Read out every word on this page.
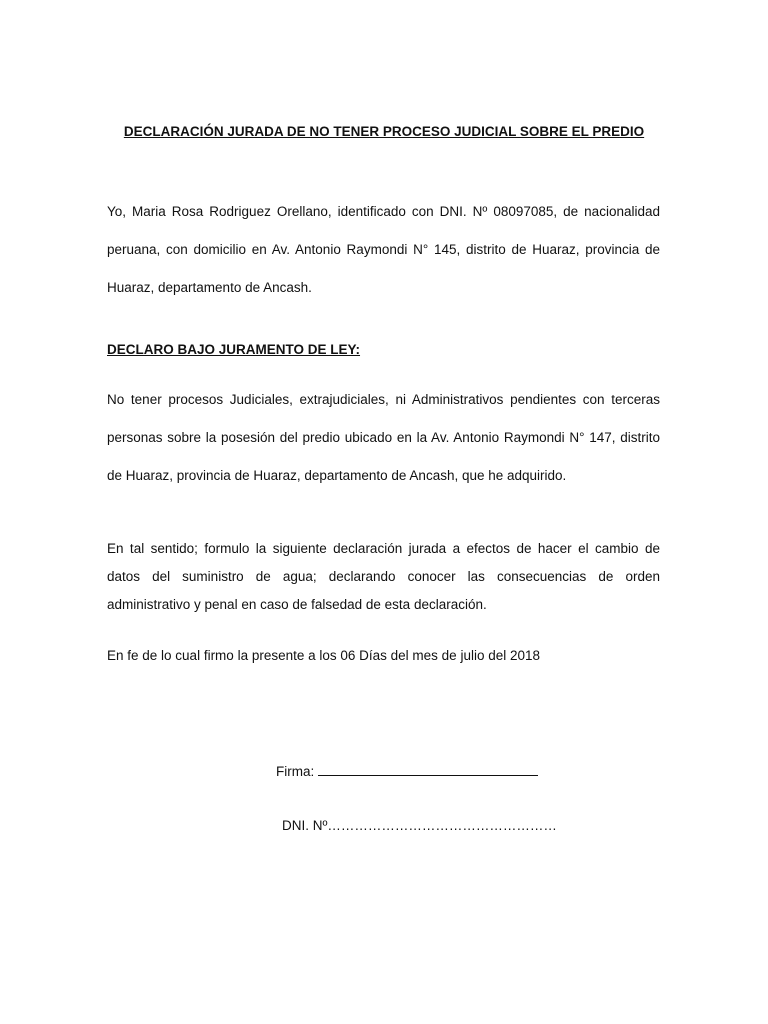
DECLARACIÓN JURADA DE NO TENER PROCESO JUDICIAL SOBRE EL PREDIO

Yo, Maria Rosa Rodriguez Orellano, identificado con DNI. Nº 08097085, de nacionalidad
peruana, con domicilio en Av. Antonio Raymondi N° 145, distrito de Huaraz, provincia de
Huaraz, departamento de Ancash.

DECLARO BAJO JURAMENTO DE LEY:

No tener procesos Judiciales, extrajudiciales, ni Administrativos pendientes con terceras
personas sobre la posesión del predio ubicado en la Av. Antonio Raymondi N° 147, distrito
de Huaraz, provincia de Huaraz, departamento de Ancash, que he adquirido.

En tal sentido; formulo la siguiente declaración jurada a efectos de hacer el cambio de
datos del suministro de agua; declarando conocer las consecuencias de orden
administrativo y penal en caso de falsedad de esta declaración.

En fe de lo cual firmo la presente a los 06 Días del mes de julio del 2018

Firma:

DNI. Nº……………………………………………
